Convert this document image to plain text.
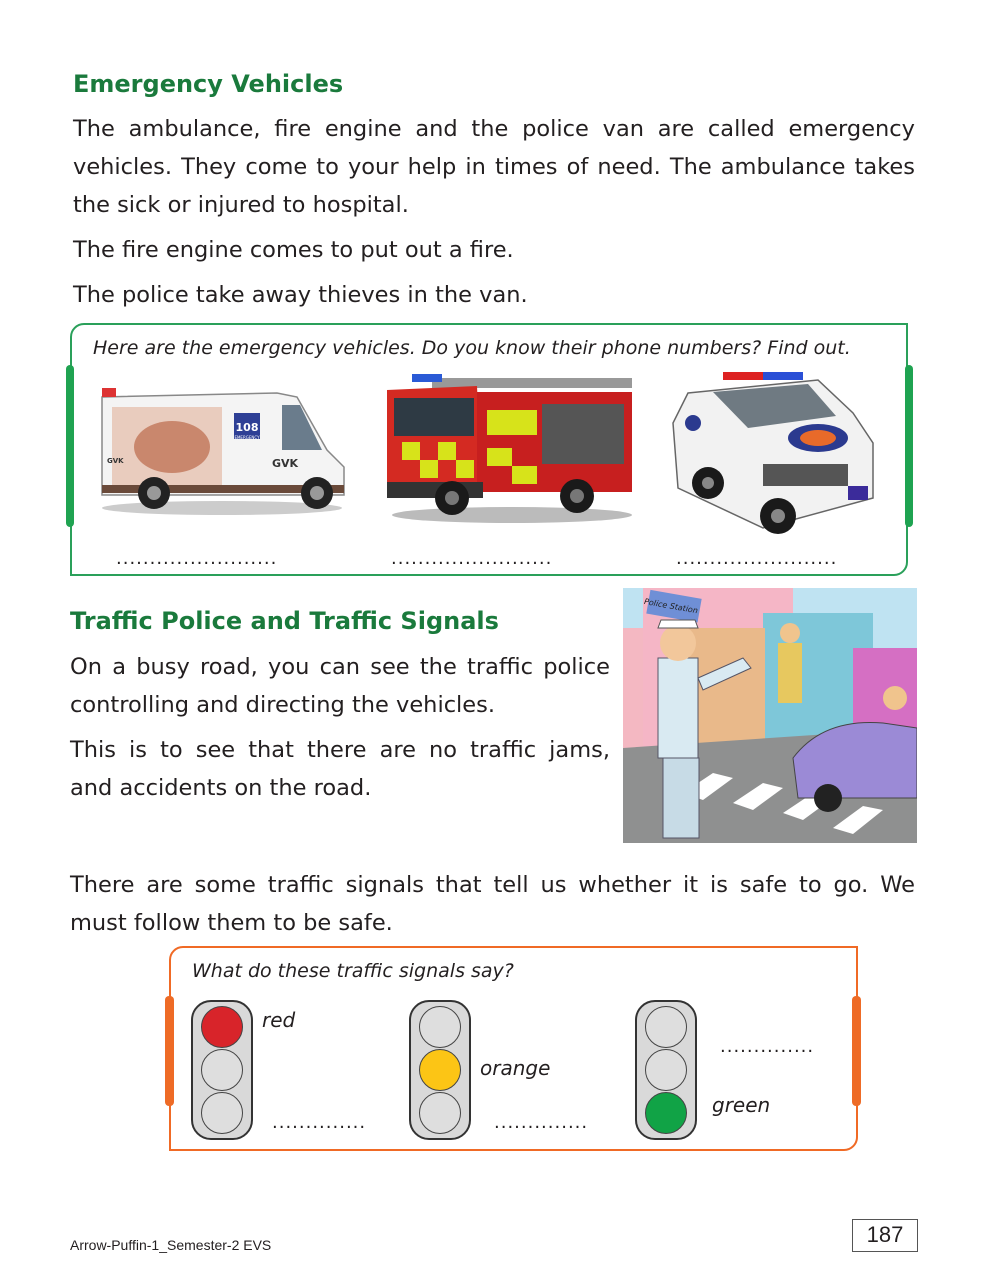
Emergency Vehicles
The ambulance, fire engine and the police van are called emergency
vehicles. They come to your help in times of need. The ambulance takes
the sick or injured to hospital.
The fire engine comes to put out a fire.
The police take away thieves in the van.
Here are the emergency vehicles. Do you know their phone numbers? Find out.
108
EMERGENCY
GVK	GVK
........................	........................	........................
Traffic Police and Traffic Signals
On a busy road, you can see the traffic police
controlling and directing the vehicles.
This is to see that there are no traffic jams,
and accidents on the road.
Police Station
There are some traffic signals that tell us whether it is safe to go. We
must follow them to be safe.
What do these traffic signals say?
red
..............
orange
..............
..............
green
Arrow-Puffin-1_Semester-2 EVS	187
